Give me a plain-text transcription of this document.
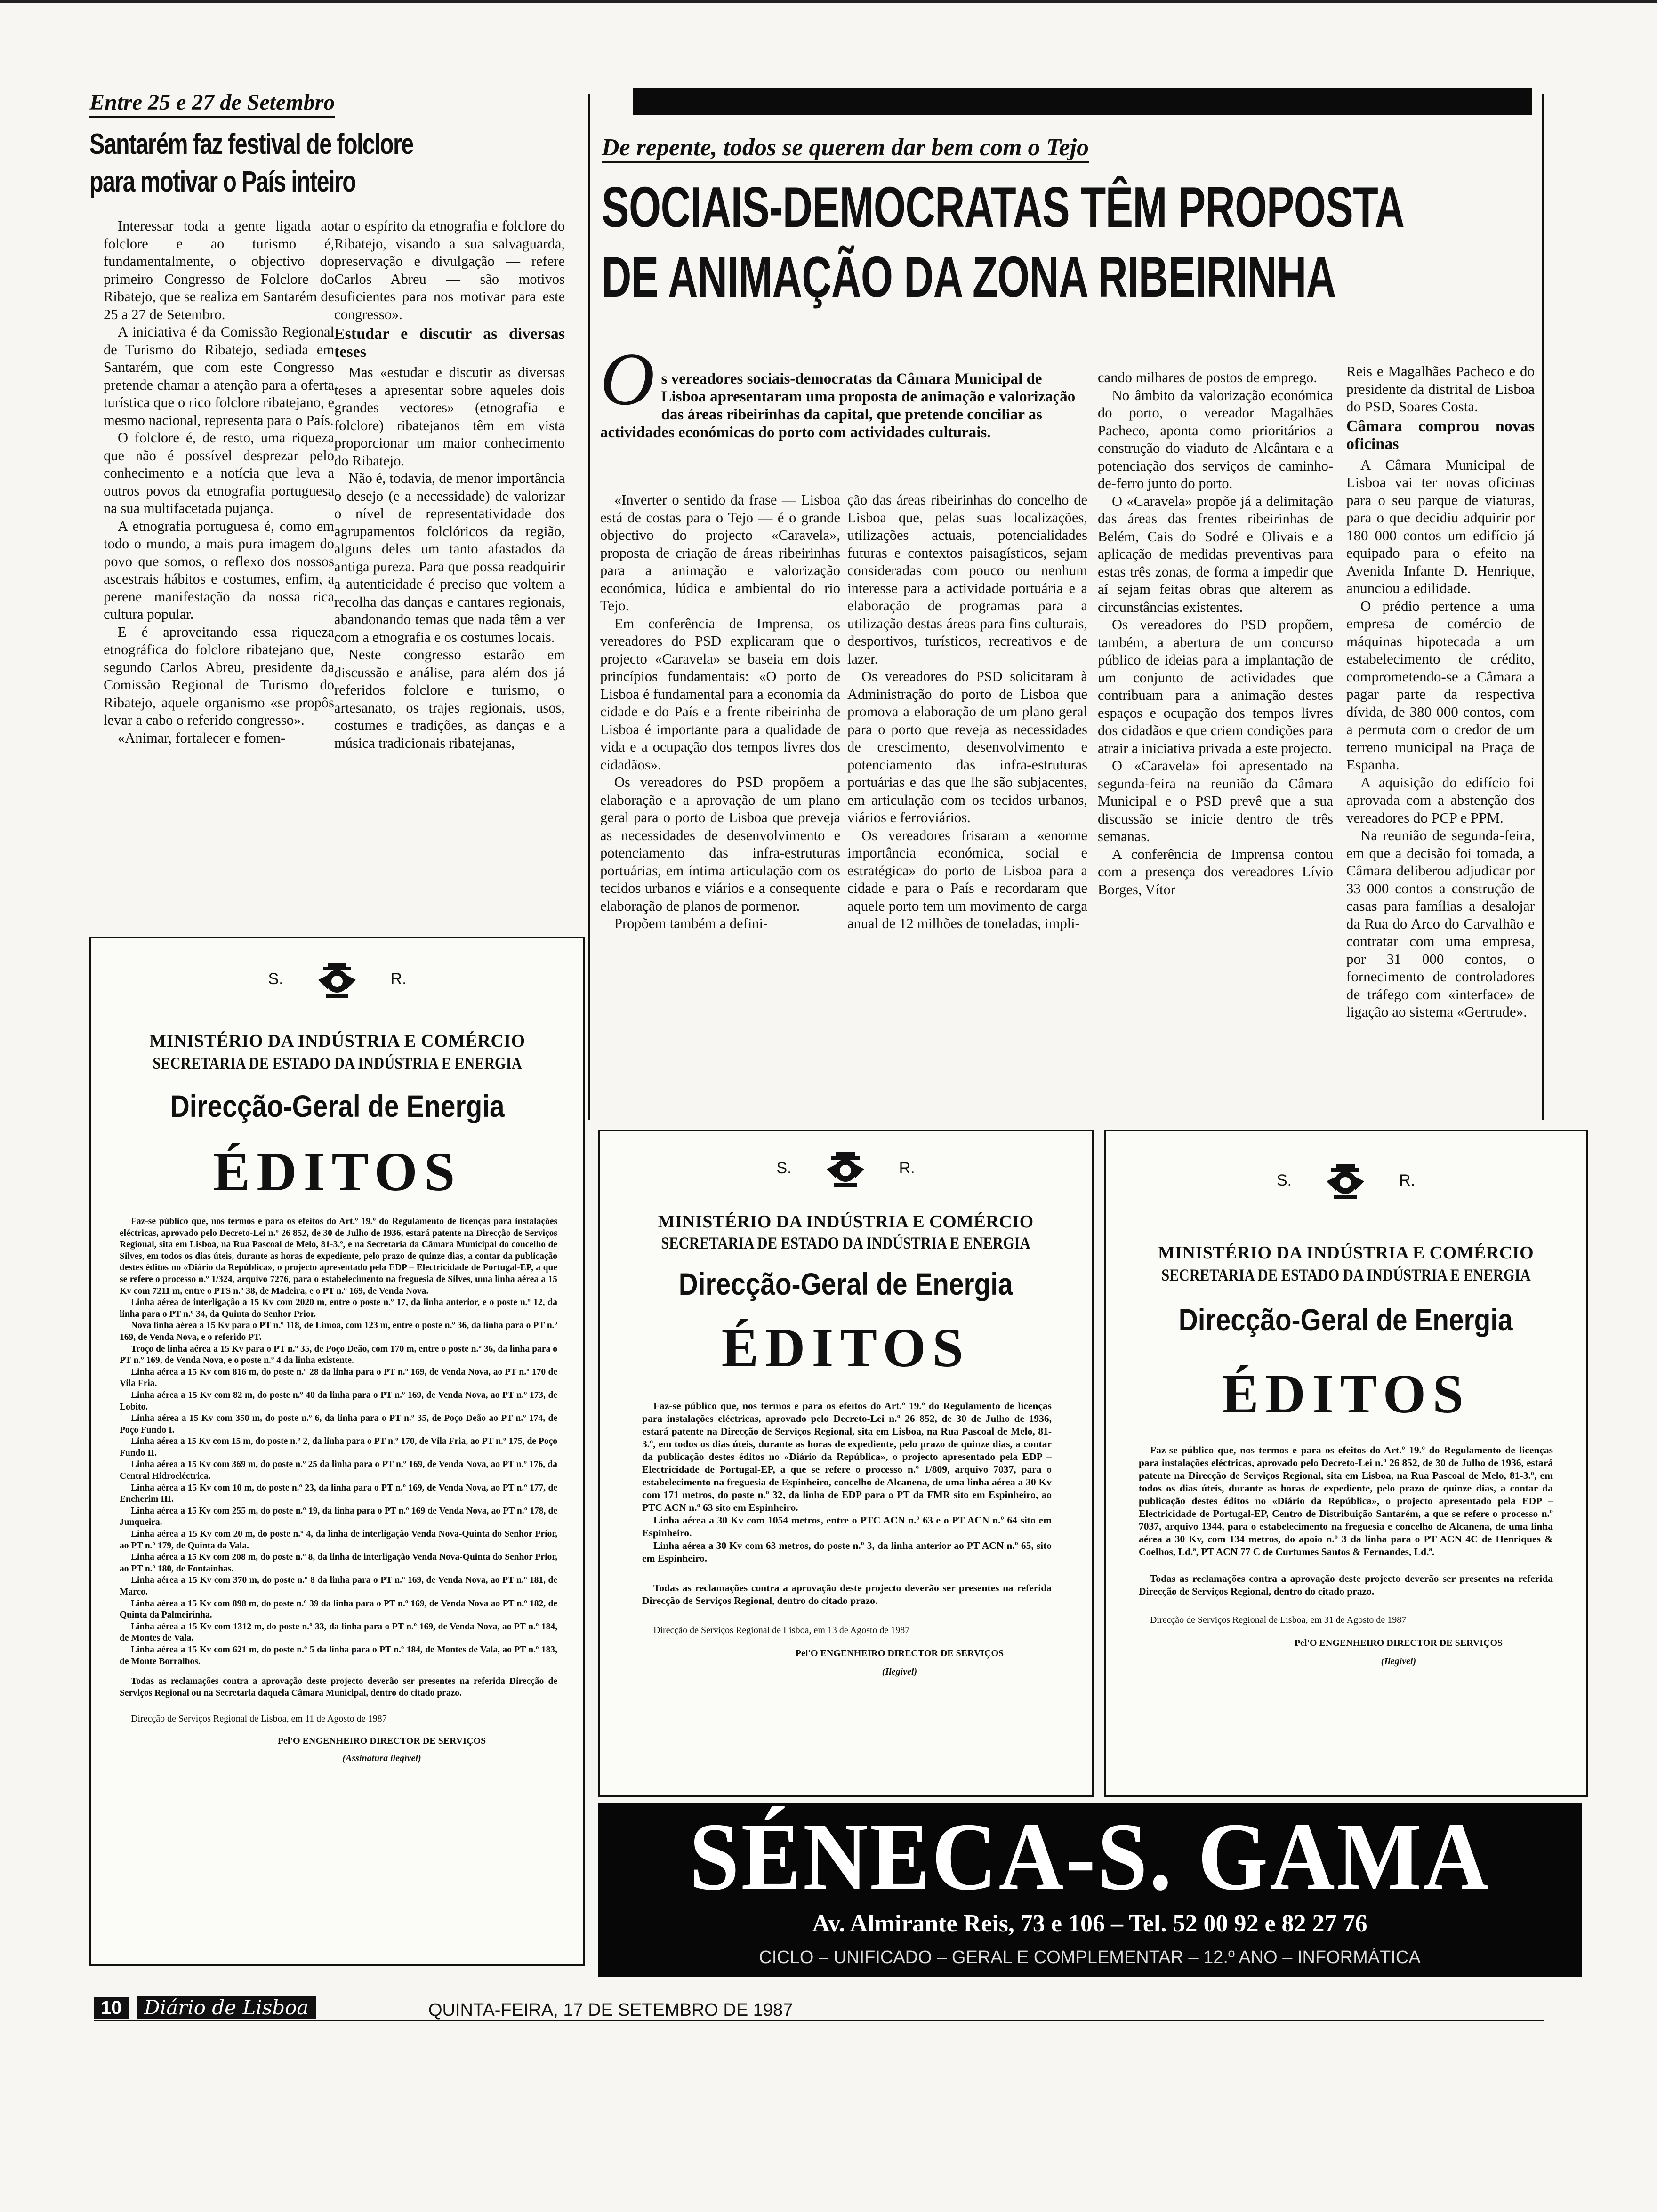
Entre 25 e 27 de Setembro
Santarém faz festival de folclore
para motivar o País inteiro

Interessar toda a gente ligada ao folclore e ao turismo é, fundamentalmente, o objectivo do primeiro Congresso de Folclore do Ribatejo, que se realiza em Santarém de 25 a 27 de Setembro.

A iniciativa é da Comissão Regional de Turismo do Ribatejo, sediada em Santarém, que com este Congresso pretende chamar a atenção para a oferta turística que o rico folclore ribatejano, e mesmo nacional, representa para o País.

O folclore é, de resto, uma riqueza que não é possível desprezar pelo conhecimento e a notícia que leva a outros povos da etnografia portuguesa na sua multifacetada pujança.

A etnografia portuguesa é, como em todo o mundo, a mais pura imagem do povo que somos, o reflexo dos nossos ascestrais hábitos e costumes, enfim, a perene manifestação da nossa rica cultura popular.

E é aproveitando essa riqueza etnográfica do folclore ribatejano que, segundo Carlos Abreu, presidente da Comissão Regional de Turismo do Ribatejo, aquele organismo «se propôs levar a cabo o referido congresso».

«Animar, fortalecer e fomen-

tar o espírito da etnografia e folclore do Ribatejo, visando a sua salvaguarda, preservação e divulgação — refere Carlos Abreu — são motivos suficientes para nos motivar para este congresso».

Estudar e discutir as diversas teses

Mas «estudar e discutir as diversas teses a apresentar sobre aqueles dois grandes vectores» (etnografia e folclore) ribatejanos têm em vista proporcionar um maior conhecimento do Ribatejo.

Não é, todavia, de menor importância o desejo (e a necessidade) de valorizar o nível de representatividade dos agrupamentos folclóricos da região, alguns deles um tanto afastados da antiga pureza. Para que possa readquirir a autenticidade é preciso que voltem a recolha das danças e cantares regionais, abandonando temas que nada têm a ver com a etnografia e os costumes locais.

Neste congresso estarão em discussão e análise, para além dos já referidos folclore e turismo, o artesanato, os trajes regionais, usos, costumes e tradições, as danças e a música tradicionais ribatejanas,

De repente, todos se querem dar bem com o Tejo
SOCIAIS-DEMOCRATAS TÊM PROPOSTA
DE ANIMAÇÃO DA ZONA RIBEIRINHA
O s vereadores sociais-democratas da Câmara Municipal de Lisboa apresentaram uma proposta de animação e valorização das áreas ribeirinhas da capital, que pretende conciliar as actividades económicas do porto com actividades culturais.

«Inverter o sentido da frase — Lisboa está de costas para o Tejo — é o grande objectivo do projecto «Caravela», proposta de criação de áreas ribeirinhas para a animação e valorização económica, lúdica e ambiental do rio Tejo.

Em conferência de Imprensa, os vereadores do PSD explicaram que o projecto «Caravela» se baseia em dois princípios fundamentais: «O porto de Lisboa é fundamental para a economia da cidade e do País e a frente ribeirinha de Lisboa é importante para a qualidade de vida e a ocupação dos tempos livres dos cidadãos».

Os vereadores do PSD propõem a elaboração e a aprovação de um plano geral para o porto de Lisboa que preveja as necessidades de desenvolvimento e potenciamento das infra-estruturas portuárias, em íntima articulação com os tecidos urbanos e viários e a consequente elaboração de planos de pormenor.

Propõem também a defini-

ção das áreas ribeirinhas do concelho de Lisboa que, pelas suas localizações, utilizações actuais, potencialidades futuras e contextos paisagísticos, sejam consideradas com pouco ou nenhum interesse para a actividade portuária e a elaboração de programas para a utilização destas áreas para fins culturais, desportivos, turísticos, recreativos e de lazer.

Os vereadores do PSD solicitaram à Administração do porto de Lisboa que promova a elaboração de um plano geral para o porto que reveja as necessidades de crescimento, desenvolvimento e potenciamento das infra-estruturas portuárias e das que lhe são subjacentes, em articulação com os tecidos urbanos, viários e ferroviários.

Os vereadores frisaram a «enorme importância económica, social e estratégica» do porto de Lisboa para a cidade e para o País e recordaram que aquele porto tem um movimento de carga anual de 12 milhões de toneladas, impli-

cando milhares de postos de emprego.

No âmbito da valorização económica do porto, o vereador Magalhães Pacheco, aponta como prioritários a construção do viaduto de Alcântara e a potenciação dos serviços de caminho-de-ferro junto do porto.

O «Caravela» propõe já a delimitação das áreas das frentes ribeirinhas de Belém, Cais do Sodré e Olivais e a aplicação de medidas preventivas para estas três zonas, de forma a impedir que aí sejam feitas obras que alterem as circunstâncias existentes.

Os vereadores do PSD propõem, também, a abertura de um concurso público de ideias para a implantação de um conjunto de actividades que contribuam para a animação destes espaços e ocupação dos tempos livres dos cidadãos e que criem condições para atrair a iniciativa privada a este projecto.

O «Caravela» foi apresentado na segunda-feira na reunião da Câmara Municipal e o PSD prevê que a sua discussão se inicie dentro de três semanas.

A conferência de Imprensa contou com a presença dos vereadores Lívio Borges, Vítor

Reis e Magalhães Pacheco e do presidente da distrital de Lisboa do PSD, Soares Costa.

Câmara comprou novas oficinas

A Câmara Municipal de Lisboa vai ter novas oficinas para o seu parque de viaturas, para o que decidiu adquirir por 180 000 contos um edifício já equipado para o efeito na Avenida Infante D. Henrique, anunciou a edilidade.

O prédio pertence a uma empresa de comércio de máquinas hipotecada a um estabelecimento de crédito, comprometendo-se a Câmara a pagar parte da respectiva dívida, de 380 000 contos, com a permuta com o credor de um terreno municipal na Praça de Espanha.

A aquisição do edifício foi aprovada com a abstenção dos vereadores do PCP e PPM.

Na reunião de segunda-feira, em que a decisão foi tomada, a Câmara deliberou adjudicar por 33 000 contos a construção de casas para famílias a desalojar da Rua do Arco do Carvalhão e contratar com uma empresa, por 31 000 contos, o fornecimento de controladores de tráfego com «interface» de ligação ao sistema «Gertrude».

S.	R.
MINISTÉRIO DA INDÚSTRIA E COMÉRCIO
SECRETARIA DE ESTADO DA INDÚSTRIA E ENERGIA
Direcção-Geral de Energia
ÉDITOS

Faz-se público que, nos termos e para os efeitos do Art.º 19.º do Regulamento de licenças para instalações eléctricas, aprovado pelo Decreto-Lei n.º 26 852, de 30 de Julho de 1936, estará patente na Direcção de Serviços Regional, sita em Lisboa, na Rua Pascoal de Melo, 81-3.º, e na Secretaria da Câmara Municipal do concelho de Silves, em todos os dias úteis, durante as horas de expediente, pelo prazo de quinze dias, a contar da publicação destes éditos no «Diário da República», o projecto apresentado pela EDP – Electricidade de Portugal-EP, a que se refere o processo n.º 1/324, arquivo 7276, para o estabelecimento na freguesia de Silves, uma linha aérea a 15 Kv com 7211 m, entre o PTS n.º 38, de Madeira, e o PT n.º 169, de Venda Nova.

Linha aérea de interligação a 15 Kv com 2020 m, entre o poste n.º 17, da linha anterior, e o poste n.º 12, da linha para o PT n.º 34, da Quinta do Senhor Prior.

Nova linha aérea a 15 Kv para o PT n.º 118, de Limoa, com 123 m, entre o poste n.º 36, da linha para o PT n.º 169, de Venda Nova, e o referido PT.

Troço de linha aérea a 15 Kv para o PT n.º 35, de Poço Deão, com 170 m, entre o poste n.º 36, da linha para o PT n.º 169, de Venda Nova, e o poste n.º 4 da linha existente.

Linha aérea a 15 Kv com 816 m, do poste n.º 28 da linha para o PT n.º 169, de Venda Nova, ao PT n.º 170 de Vila Fria.

Linha aérea a 15 Kv com 82 m, do poste n.º 40 da linha para o PT n.º 169, de Venda Nova, ao PT n.º 173, de Lobito.

Linha aérea a 15 Kv com 350 m, do poste n.º 6, da linha para o PT n.º 35, de Poço Deão ao PT n.º 174, de Poço Fundo I.

Linha aérea a 15 Kv com 15 m, do poste n.º 2, da linha para o PT n.º 170, de Vila Fria, ao PT n.º 175, de Poço Fundo II.

Linha aérea a 15 Kv com 369 m, do poste n.º 25 da linha para o PT n.º 169, de Venda Nova, ao PT n.º 176, da Central Hidroeléctrica.

Linha aérea a 15 Kv com 10 m, do poste n.º 23, da linha para o PT n.º 169, de Venda Nova, ao PT n.º 177, de Encherim III.

Linha aérea a 15 Kv com 255 m, do poste n.º 19, da linha para o PT n.º 169 de Venda Nova, ao PT n.º 178, de Junqueira.

Linha aérea a 15 Kv com 20 m, do poste n.º 4, da linha de interligação Venda Nova-Quinta do Senhor Prior, ao PT n.º 179, de Quinta da Vala.

Linha aérea a 15 Kv com 208 m, do poste n.º 8, da linha de interligação Venda Nova-Quinta do Senhor Prior, ao PT n.º 180, de Fontainhas.

Linha aérea a 15 Kv com 370 m, do poste n.º 8 da linha para o PT n.º 169, de Venda Nova, ao PT n.º 181, de Marco.

Linha aérea a 15 Kv com 898 m, do poste n.º 39 da linha para o PT n.º 169, de Venda Nova ao PT n.º 182, de Quinta da Palmeirinha.

Linha aérea a 15 Kv com 1312 m, do poste n.º 33, da linha para o PT n.º 169, de Venda Nova, ao PT n.º 184, de Montes de Vala.

Linha aérea a 15 Kv com 621 m, do poste n.º 5 da linha para o PT n.º 184, de Montes de Vala, ao PT n.º 183, de Monte Borralhos.

Todas as reclamações contra a aprovação deste projecto deverão ser presentes na referida Direcção de Serviços Regional ou na Secretaria daquela Câmara Municipal, dentro do citado prazo.

Direcção de Serviços Regional de Lisboa, em 11 de Agosto de 1987

Pel'O ENGENHEIRO DIRECTOR DE SERVIÇOS

(Assinatura ilegível)

S.	R.
MINISTÉRIO DA INDÚSTRIA E COMÉRCIO
SECRETARIA DE ESTADO DA INDÚSTRIA E ENERGIA
Direcção-Geral de Energia
ÉDITOS

Faz-se público que, nos termos e para os efeitos do Art.º 19.º do Regulamento de licenças para instalações eléctricas, aprovado pelo Decreto-Lei n.º 26 852, de 30 de Julho de 1936, estará patente na Direcção de Serviços Regional, sita em Lisboa, na Rua Pascoal de Melo, 81-3.º, em todos os dias úteis, durante as horas de expediente, pelo prazo de quinze dias, a contar da publicação destes éditos no «Diário da República», o projecto apresentado pela EDP – Electricidade de Portugal-EP, a que se refere o processo n.º 1/809, arquivo 7037, para o estabelecimento na freguesia de Espinheiro, concelho de Alcanena, de uma linha aérea a 30 Kv com 171 metros, do poste n.º 32, da linha de EDP para o PT da FMR sito em Espinheiro, ao PTC ACN n.º 63 sito em Espinheiro.

Linha aérea a 30 Kv com 1054 metros, entre o PTC ACN n.º 63 e o PT ACN n.º 64 sito em Espinheiro.

Linha aérea a 30 Kv com 63 metros, do poste n.º 3, da linha anterior ao PT ACN n.º 65, sito em Espinheiro.

Todas as reclamações contra a aprovação deste projecto deverão ser presentes na referida Direcção de Serviços Regional, dentro do citado prazo.

Direcção de Serviços Regional de Lisboa, em 13 de Agosto de 1987

Pel'O ENGENHEIRO DIRECTOR DE SERVIÇOS

(Ilegível)

S.	R.
MINISTÉRIO DA INDÚSTRIA E COMÉRCIO
SECRETARIA DE ESTADO DA INDÚSTRIA E ENERGIA
Direcção-Geral de Energia
ÉDITOS

Faz-se público que, nos termos e para os efeitos do Art.º 19.º do Regulamento de licenças para instalações eléctricas, aprovado pelo Decreto-Lei n.º 26 852, de 30 de Julho de 1936, estará patente na Direcção de Serviços Regional, sita em Lisboa, na Rua Pascoal de Melo, 81-3.º, em todos os dias úteis, durante as horas de expediente, pelo prazo de quinze dias, a contar da publicação destes éditos no «Diário da República», o projecto apresentado pela EDP – Electricidade de Portugal-EP, Centro de Distribuição Santarém, a que se refere o processo n.º 7037, arquivo 1344, para o estabelecimento na freguesia e concelho de Alcanena, de uma linha aérea a 30 Kv, com 134 metros, do apoio n.º 3 da linha para o PT ACN 4C de Henriques & Coelhos, Ld.ª, PT ACN 77 C de Curtumes Santos & Fernandes, Ld.ª.

Todas as reclamações contra a aprovação deste projecto deverão ser presentes na referida Direcção de Serviços Regional, dentro do citado prazo.

Direcção de Serviços Regional de Lisboa, em 31 de Agosto de 1987

Pel'O ENGENHEIRO DIRECTOR DE SERVIÇOS

(Ilegível)

SÉNECA-S. GAMA
Av. Almirante Reis, 73 e 106 – Tel. 52 00 92 e 82 27 76
CICLO – UNIFICADO – GERAL E COMPLEMENTAR – 12.º ANO – INFORMÁTICA
10	Diário de Lisboa	QUINTA-FEIRA, 17 DE SETEMBRO DE 1987
